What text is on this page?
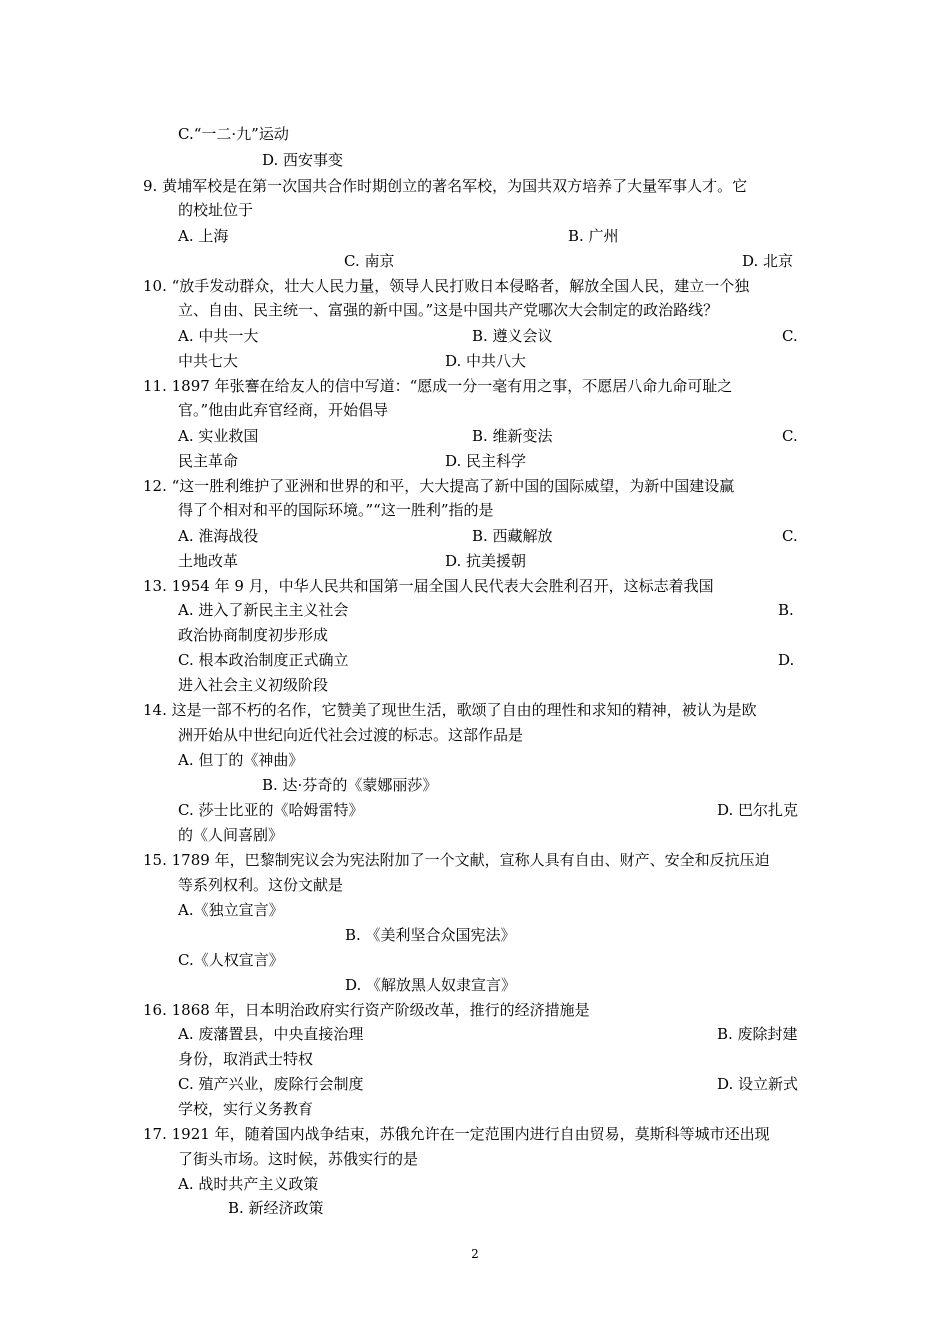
C.“一二·九”运动
D. 西安事变
9. 黄埔军校是在第一次国共合作时期创立的著名军校，为国共双方培养了大量军事人才。它
的校址位于
A. 上海	B. 广州
C. 南京	D. 北京
10. “放手发动群众，壮大人民力量，领导人民打败日本侵略者，解放全国人民，建立一个独
立、自由、民主统一、富强的新中国。”这是中国共产党哪次大会制定的政治路线？
A. 中共一大	B. 遵义会议	C.
中共七大	D. 中共八大
11. 1897 年张謇在给友人的信中写道：“愿成一分一毫有用之事，不愿居八命九命可耻之
官。”他由此弃官经商，开始倡导
A. 实业救国	B. 维新变法	C.
民主革命	D. 民主科学
12. “这一胜利维护了亚洲和世界的和平，大大提高了新中国的国际威望，为新中国建设赢
得了个相对和平的国际环境。”“这一胜利”指的是
A. 淮海战役	B. 西藏解放	C.
土地改革	D. 抗美援朝
13. 1954 年 9 月，中华人民共和国第一届全国人民代表大会胜利召开，这标志着我国
A. 进入了新民主主义社会	B.
政治协商制度初步形成
C. 根本政治制度正式确立	D.
进入社会主义初级阶段
14. 这是一部不朽的名作，它赞美了现世生活，歌颂了自由的理性和求知的精神，被认为是欧
洲开始从中世纪向近代社会过渡的标志。这部作品是
A. 但丁的《神曲》
B. 达·芬奇的《蒙娜丽莎》
C. 莎士比亚的《哈姆雷特》	D. 巴尔扎克
的《人间喜剧》
15. 1789 年，巴黎制宪议会为宪法附加了一个文献，宣称人具有自由、财产、安全和反抗压迫
等系列权利。这份文献是
A.《独立宣言》
B. 《美利坚合众国宪法》
C.《人权宣言》
D. 《解放黑人奴隶宣言》
16. 1868 年，日本明治政府实行资产阶级改革，推行的经济措施是
A. 废藩置县，中央直接治理	B. 废除封建
身份，取消武士特权
C. 殖产兴业，废除行会制度	D. 设立新式
学校，实行义务教育
17. 1921 年，随着国内战争结束，苏俄允许在一定范围内进行自由贸易，莫斯科等城市还出现
了街头市场。这时候，苏俄实行的是
A. 战时共产主义政策
B. 新经济政策
2
